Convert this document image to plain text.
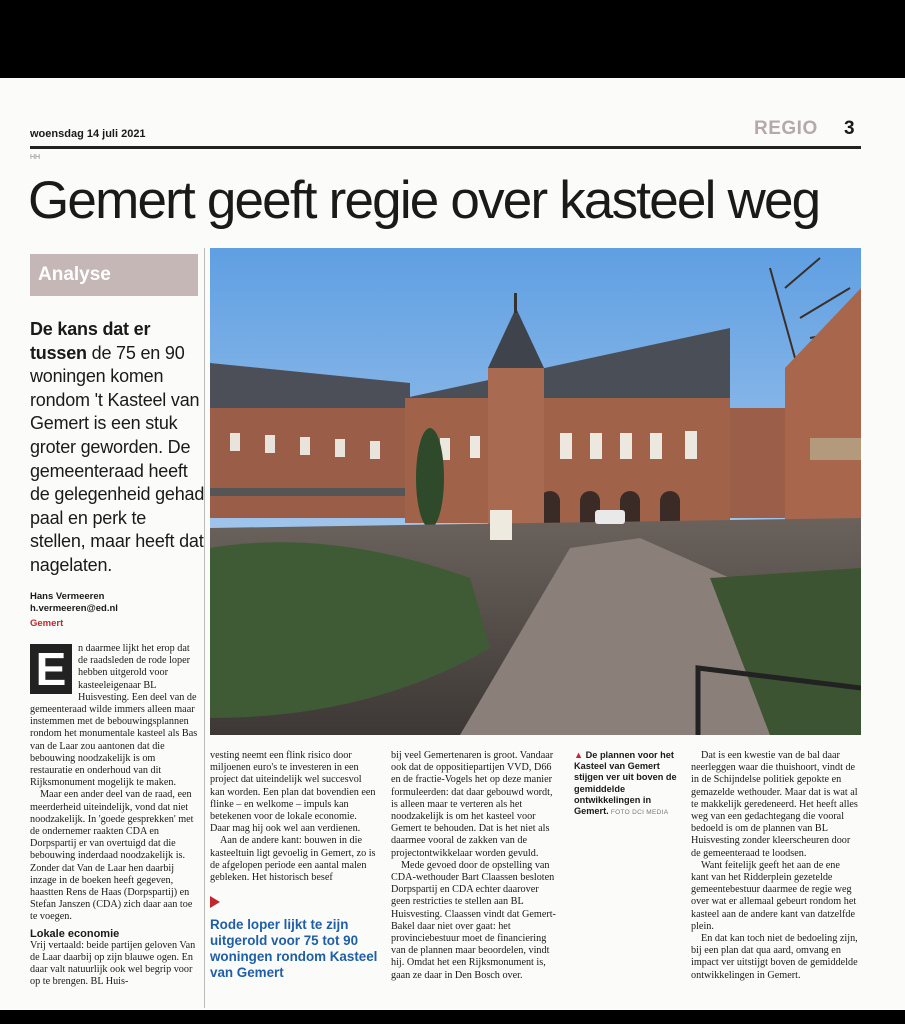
woensdag 14 juli 2021	REGIO 3
HH
Gemert geeft regie over kasteel weg
Analyse
De kans dat er tussen de 75 en 90 woningen komen rondom 't Kasteel van Gemert is een stuk groter geworden. De gemeenteraad heeft de gelegenheid gehad paal en perk te stellen, maar heeft dat nagelaten.
Hans Vermeeren
h.vermeeren@ed.nl
Gemert
E	n daarmee lijkt het erop dat de raadsleden de rode loper hebben uitgerold voor kasteeleigenaar BL Huisvesting. Een deel van de gemeenteraad wilde immers alleen maar instemmen met de bebouwingsplannen rondom het monumentale kasteel als Bas van de Laar zou aantonen dat die bebouwing noodzakelijk is om restauratie en onderhoud van dit Rijksmonument mogelijk te maken.

Maar een ander deel van de raad, een meerderheid uiteindelijk, vond dat niet noodzakelijk. In 'goede gesprekken' met de ondernemer raakten CDA en Dorpspartij er van overtuigd dat die bebouwing inderdaad noodzakelijk is. Zonder dat Van de Laar hen daarbij inzage in de boeken heeft gegeven, haastten Rens de Haas (Dorpspartij) en Stefan Janszen (CDA) zich daar aan toe te voegen.

Lokale economie

Vrij vertaald: beide partijen geloven Van de Laar daarbij op zijn blauwe ogen. En daar valt natuurlijk ook wel begrip voor op te brengen. BL Huis-

vesting neemt een flink risico door miljoenen euro's te investeren in een project dat uiteindelijk wel succesvol kan worden. Een plan dat bovendien een flinke – en welkome – impuls kan betekenen voor de lokale economie. Daar mag hij ook wel aan verdienen.

Aan de andere kant: bouwen in die kasteeltuin ligt gevoelig in Gemert, zo is de afgelopen periode een aantal malen gebleken. Het historisch besef

Rode loper lijkt te zijn uitgerold voor 75 tot 90 woningen rondom Kasteel van Gemert

bij veel Gemertenaren is groot. Vandaar ook dat de oppositiepartijen VVD, D66 en de fractie-Vogels het op deze manier formuleerden: dat daar gebouwd wordt, is alleen maar te verteren als het noodzakelijk is om het kasteel voor Gemert te behouden. Dat is het niet als daarmee vooral de zakken van de projectontwikkelaar worden gevuld.

Mede gevoed door de opstelling van CDA-wethouder Bart Claassen besloten Dorpspartij en CDA echter daarover geen restricties te stellen aan BL Huisvesting. Claassen vindt dat Gemert-Bakel daar niet over gaat: het provinciebestuur moet de financiering van de plannen maar beoordelen, vindt hij. Omdat het een Rijksmonument is, gaan ze daar in Den Bosch over.

▲ De plannen voor het Kasteel van Gemert stijgen ver uit boven de gemiddelde ontwikkelingen in Gemert. FOTO DCI MEDIA

Dat is een kwestie van de bal daar neerleggen waar die thuishoort, vindt de in de Schijndelse politiek gepokte en gemazelde wethouder. Maar dat is wat al te makkelijk geredeneerd. Het heeft alles weg van een gedachtegang die vooral bedoeld is om de plannen van BL Huisvesting zonder kleerscheuren door de gemeenteraad te loodsen.

Want feitelijk geeft het aan de ene kant van het Ridderplein gezetelde gemeentebestuur daarmee de regie weg over wat er allemaal gebeurt rondom het kasteel aan de andere kant van datzelfde plein.

En dat kan toch niet de bedoeling zijn, bij een plan dat qua aard, omvang en impact ver uitstijgt boven de gemiddelde ontwikkelingen in Gemert.
